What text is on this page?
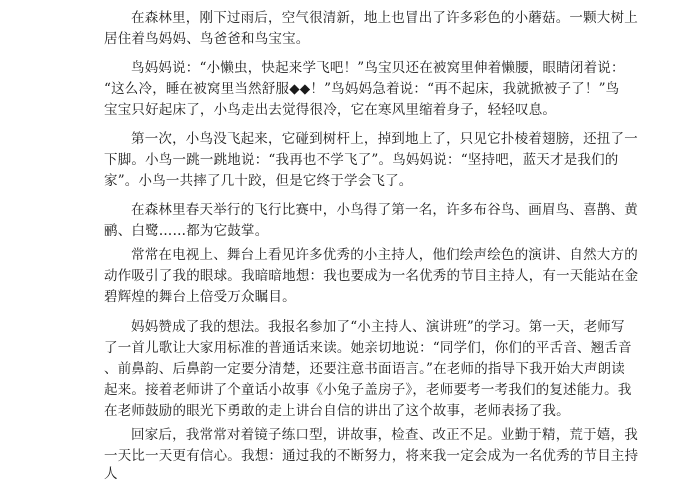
在森林里，刚下过雨后，空气很清新，地上也冒出了许多彩色的小蘑菇。一颗大树上
居住着鸟妈妈、鸟爸爸和鸟宝宝。
鸟妈妈说：“小懒虫，快起来学飞吧！”鸟宝贝还在被窝里伸着懒腰，眼睛闭着说：
“这么冷，睡在被窝里当然舒服◆◆！”鸟妈妈急着说：“再不起床，我就掀被子了！”鸟
宝宝只好起床了，小鸟走出去觉得很冷，它在寒风里缩着身子，轻轻叹息。
第一次，小鸟没飞起来，它碰到树杆上，掉到地上了，只见它扑棱着翅膀，还扭了一
下脚。小鸟一跳一跳地说：“我再也不学飞了”。鸟妈妈说：“坚持吧，蓝天才是我们的
家”。小鸟一共摔了几十跤，但是它终于学会飞了。
在森林里春天举行的飞行比赛中，小鸟得了第一名，许多布谷鸟、画眉鸟、喜鹊、黄
鹂、白鹭……都为它鼓掌。
常常在电视上、舞台上看见许多优秀的小主持人，他们绘声绘色的演讲、自然大方的
动作吸引了我的眼球。我暗暗地想：我也要成为一名优秀的节目主持人，有一天能站在金
碧辉煌的舞台上倍受万众瞩目。
妈妈赞成了我的想法。我报名参加了“小主持人、演讲班”的学习。第一天，老师写
了一首儿歌让大家用标准的普通话来读。她亲切地说：“同学们，你们的平舌音、翘舌音
、前鼻韵、后鼻韵一定要分清楚，还要注意书面语言。”在老师的指导下我开始大声朗读
起来。接着老师讲了个童话小故事《小兔子盖房子》，老师要考一考我们的复述能力。我
在老师鼓励的眼光下勇敢的走上讲台自信的讲出了这个故事，老师表扬了我。
回家后，我常常对着镜子练口型，讲故事，检查、改正不足。业勤于精，荒于嬉，我
一天比一天更有信心。我想：通过我的不断努力，将来我一定会成为一名优秀的节目主持
人
